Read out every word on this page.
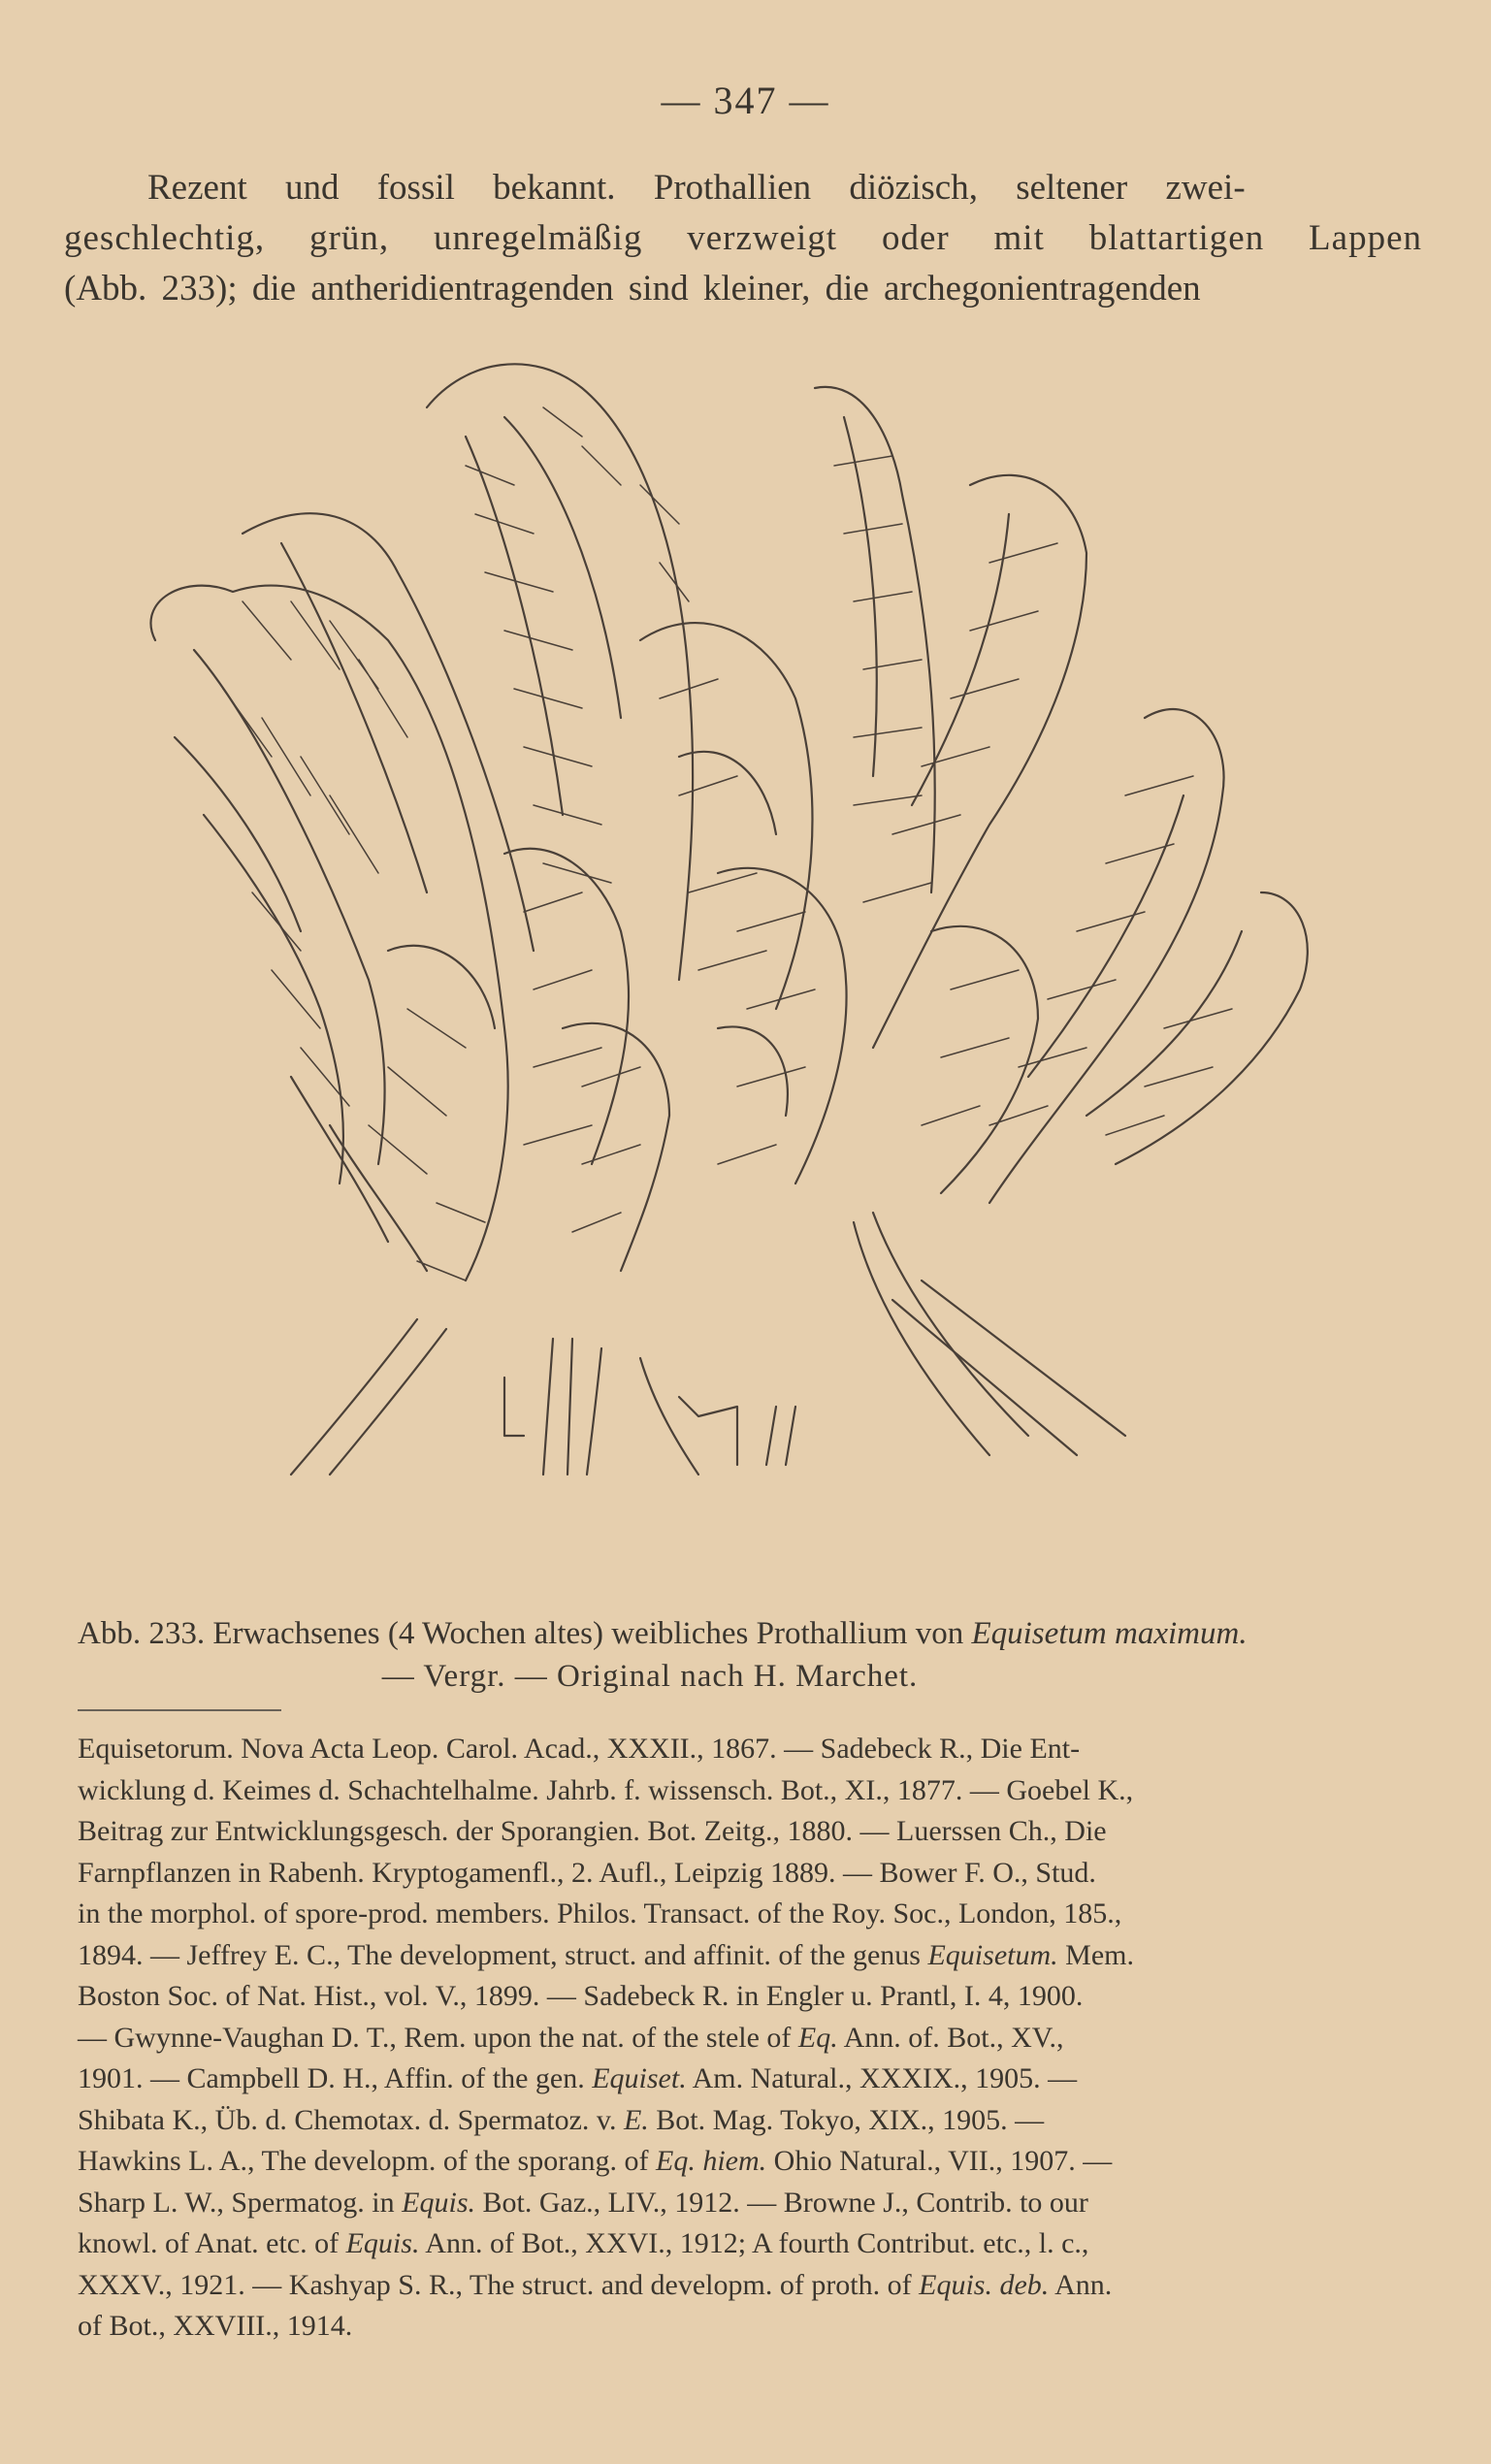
— 347 —
Rezent und fossil bekannt. Prothallien diözisch, seltener zwei-
geschlechtig, grün, unregelmäßig verzweigt oder mit blattartigen Lappen
(Abb. 233); die antheridientragenden sind kleiner, die archegonientragenden
Abb. 233. Erwachsenes (4 Wochen altes) weibliches Prothallium von Equisetum maximum.
— Vergr. — Original nach H. Marchet.
Equisetorum. Nova Acta Leop. Carol. Acad., XXXII., 1867. — Sadebeck R., Die Ent-
wicklung d. Keimes d. Schachtelhalme. Jahrb. f. wissensch. Bot., XI., 1877. — Goebel K.,
Beitrag zur Entwicklungsgesch. der Sporangien. Bot. Zeitg., 1880. — Luerssen Ch., Die
Farnpflanzen in Rabenh. Kryptogamenfl., 2. Aufl., Leipzig 1889. — Bower F. O., Stud.
in the morphol. of spore-prod. members. Philos. Transact. of the Roy. Soc., London, 185.,
1894. — Jeffrey E. C., The development, struct. and affinit. of the genus Equisetum. Mem.
Boston Soc. of Nat. Hist., vol. V., 1899. — Sadebeck R. in Engler u. Prantl, I. 4, 1900.
— Gwynne-Vaughan D. T., Rem. upon the nat. of the stele of Eq. Ann. of. Bot., XV.,
1901. — Campbell D. H., Affin. of the gen. Equiset. Am. Natural., XXXIX., 1905. —
Shibata K., Üb. d. Chemotax. d. Spermatoz. v. E. Bot. Mag. Tokyo, XIX., 1905. —
Hawkins L. A., The developm. of the sporang. of Eq. hiem. Ohio Natural., VII., 1907. —
Sharp L. W., Spermatog. in Equis. Bot. Gaz., LIV., 1912. — Browne J., Contrib. to our
knowl. of Anat. etc. of Equis. Ann. of Bot., XXVI., 1912; A fourth Contribut. etc., l. c.,
XXXV., 1921. — Kashyap S. R., The struct. and developm. of proth. of Equis. deb. Ann.
of Bot., XXVIII., 1914.
